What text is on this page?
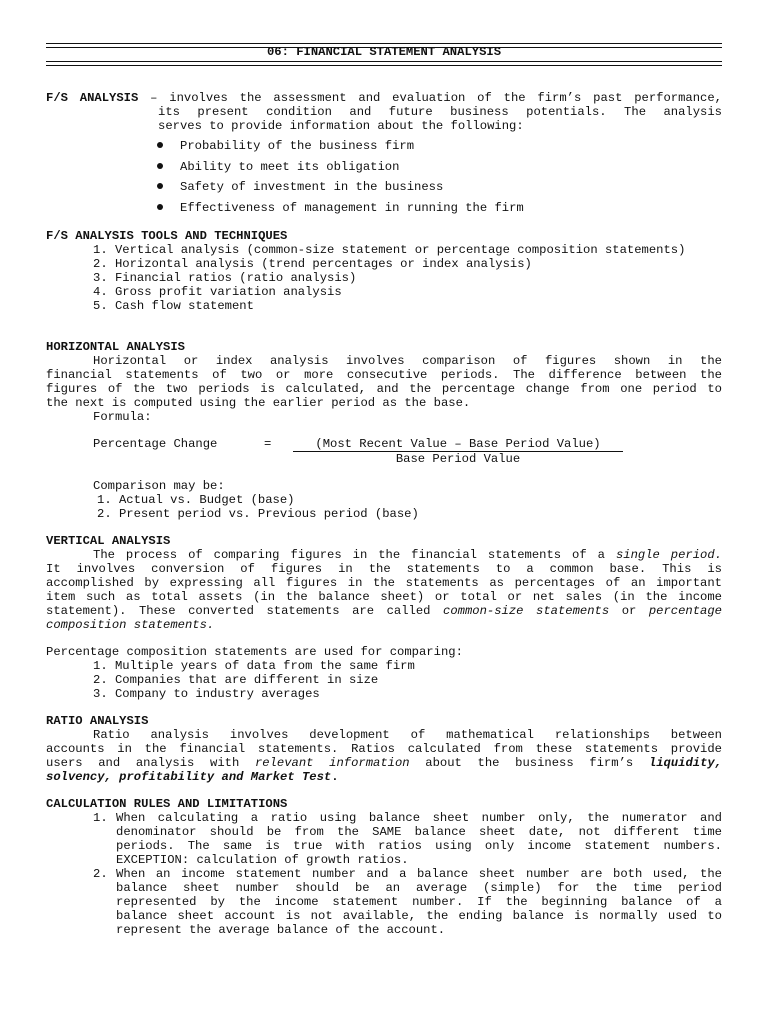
06: FINANCIAL STATEMENT ANALYSIS

F/S ANALYSIS – involves the assessment and evaluation of the firm’s past performance,

its present condition and future business potentials. The analysis

serves to provide information about the following:

Probability of the business firm

Ability to meet its obligation

Safety of investment in the business

Effectiveness of management in running the firm

F/S ANALYSIS TOOLS AND TECHNIQUES

1. Vertical analysis (common-size statement or percentage composition statements)

2. Horizontal analysis (trend percentages or index analysis)

3. Financial ratios (ratio analysis)

4. Gross profit variation analysis

5. Cash flow statement

HORIZONTAL ANALYSIS

Horizontal or index analysis involves comparison of figures shown in the

financial statements of two or more consecutive periods. The difference between the

figures of the two periods is calculated, and the percentage change from one period to

the next is computed using the earlier period as the base.

Formula:

Percentage Change	=	(Most Recent Value – Base Period Value)

Base Period Value

Comparison may be:

1. Actual vs. Budget (base)

2. Present period vs. Previous period (base)

VERTICAL ANALYSIS

The process of comparing figures in the financial statements of a single period.

It involves conversion of figures in the statements to a common base. This is

accomplished by expressing all figures in the statements as percentages of an important

item such as total assets (in the balance sheet) or total or net sales (in the income

statement). These converted statements are called common-size statements or percentage

composition statements.

Percentage composition statements are used for comparing:

1. Multiple years of data from the same firm

2. Companies that are different in size

3. Company to industry averages

RATIO ANALYSIS

Ratio analysis involves development of mathematical relationships between

accounts in the financial statements. Ratios calculated from these statements provide

users and analysis with relevant information about the business firm’s liquidity,

solvency, profitability and Market Test.

CALCULATION RULES AND LIMITATIONS

1. When calculating a ratio using balance sheet number only, the numerator and

denominator should be from the SAME balance sheet date, not different time

periods. The same is true with ratios using only income statement numbers.

EXCEPTION: calculation of growth ratios.

2. When an income statement number and a balance sheet number are both used, the

balance sheet number should be an average (simple) for the time period

represented by the income statement number. If the beginning balance of a

balance sheet account is not available, the ending balance is normally used to

represent the average balance of the account.
